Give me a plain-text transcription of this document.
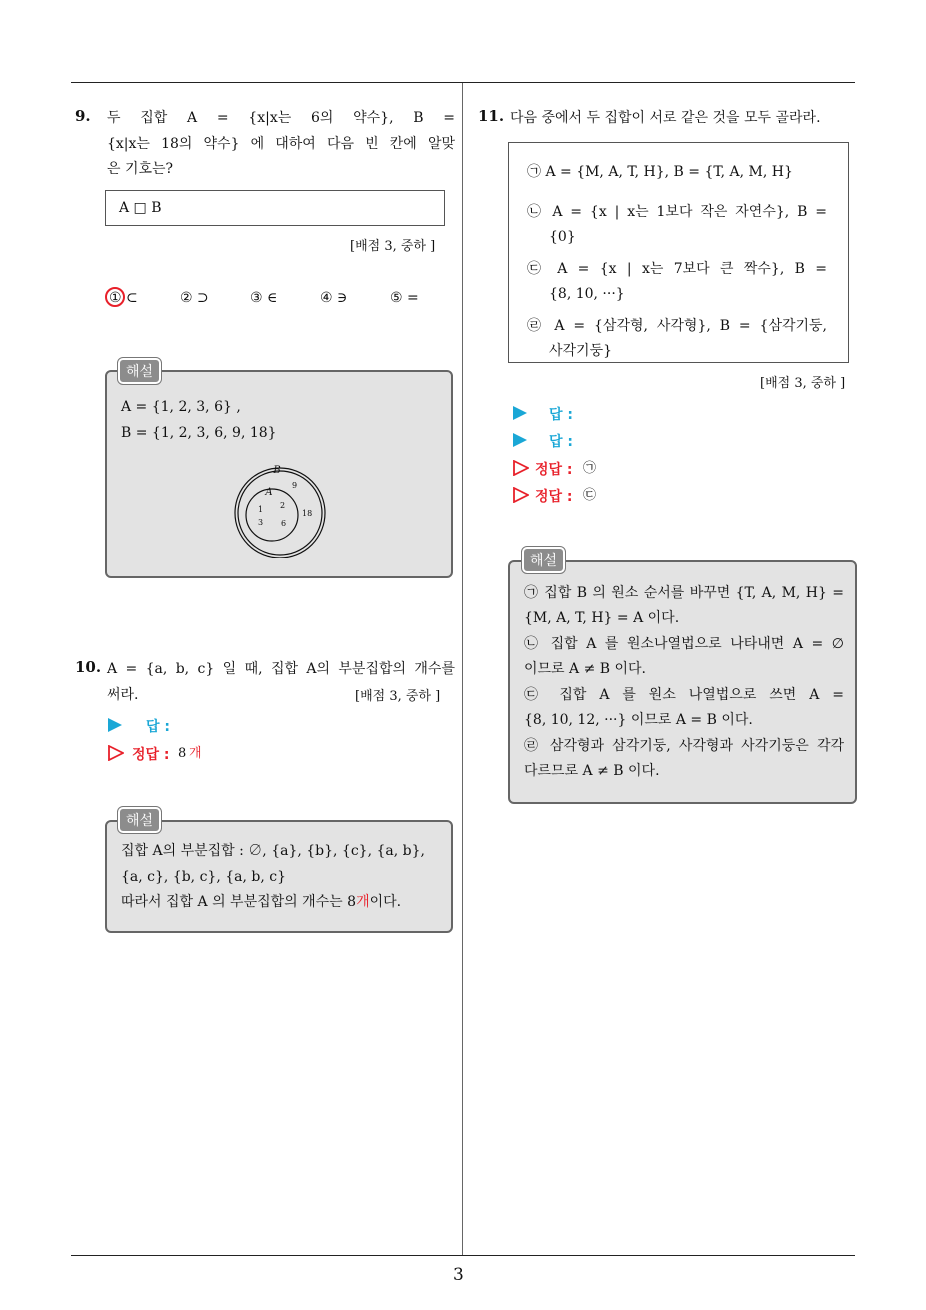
3
9. 두 집합 A = {x|x는 6의 약수}, B =
{x|x는 18의 약수} 에 대하여 다음 빈 칸에 알맞
은 기호는?
A □ B
[배점 3, 중하 ]
① ⊂	② ⊃	③ ∈	④ ∋	⑤ =
A = {1, 2, 3, 6} ,
B = {1, 2, 3, 6, 9, 18}
B
A
1 2
3 6
9
18
해설
10. A = {a, b, c} 일 때, 집합 A의 부분집합의 개수를
써라.	[배점 3, 중하 ]
답 :
정답 : 8 개
집합 A의 부분집합 : ∅, {a}, {b}, {c}, {a, b},
{a, c}, {b, c}, {a, b, c}
따라서 집합 A 의 부분집합의 개수는 8개이다.
해설
11. 다음 중에서 두 집합이 서로 같은 것을 모두 골라라.
㉠ A = {M, A, T, H}, B = {T, A, M, H}
㉡ A = {x | x는 1보다 작은 자연수}, B =
{0}
㉢ A = {x | x는 7보다 큰 짝수}, B =
{8, 10, ···}
㉣ A = {삼각형, 사각형}, B = {삼각기둥,
사각기둥}
[배점 3, 중하 ]
답 :
답 :
정답 : ㉠
정답 : ㉢
㉠ 집합 B 의 원소 순서를 바꾸면 {T, A, M, H} =
{M, A, T, H} = A 이다.
㉡ 집합 A 를 원소나열법으로 나타내면 A = ∅
이므로 A ≠ B 이다.
㉢ 집합 A 를 원소 나열법으로 쓰면 A =
{8, 10, 12, ···} 이므로 A = B 이다.
㉣ 삼각형과 삼각기둥, 사각형과 사각기둥은 각각
다르므로 A ≠ B 이다.
해설
